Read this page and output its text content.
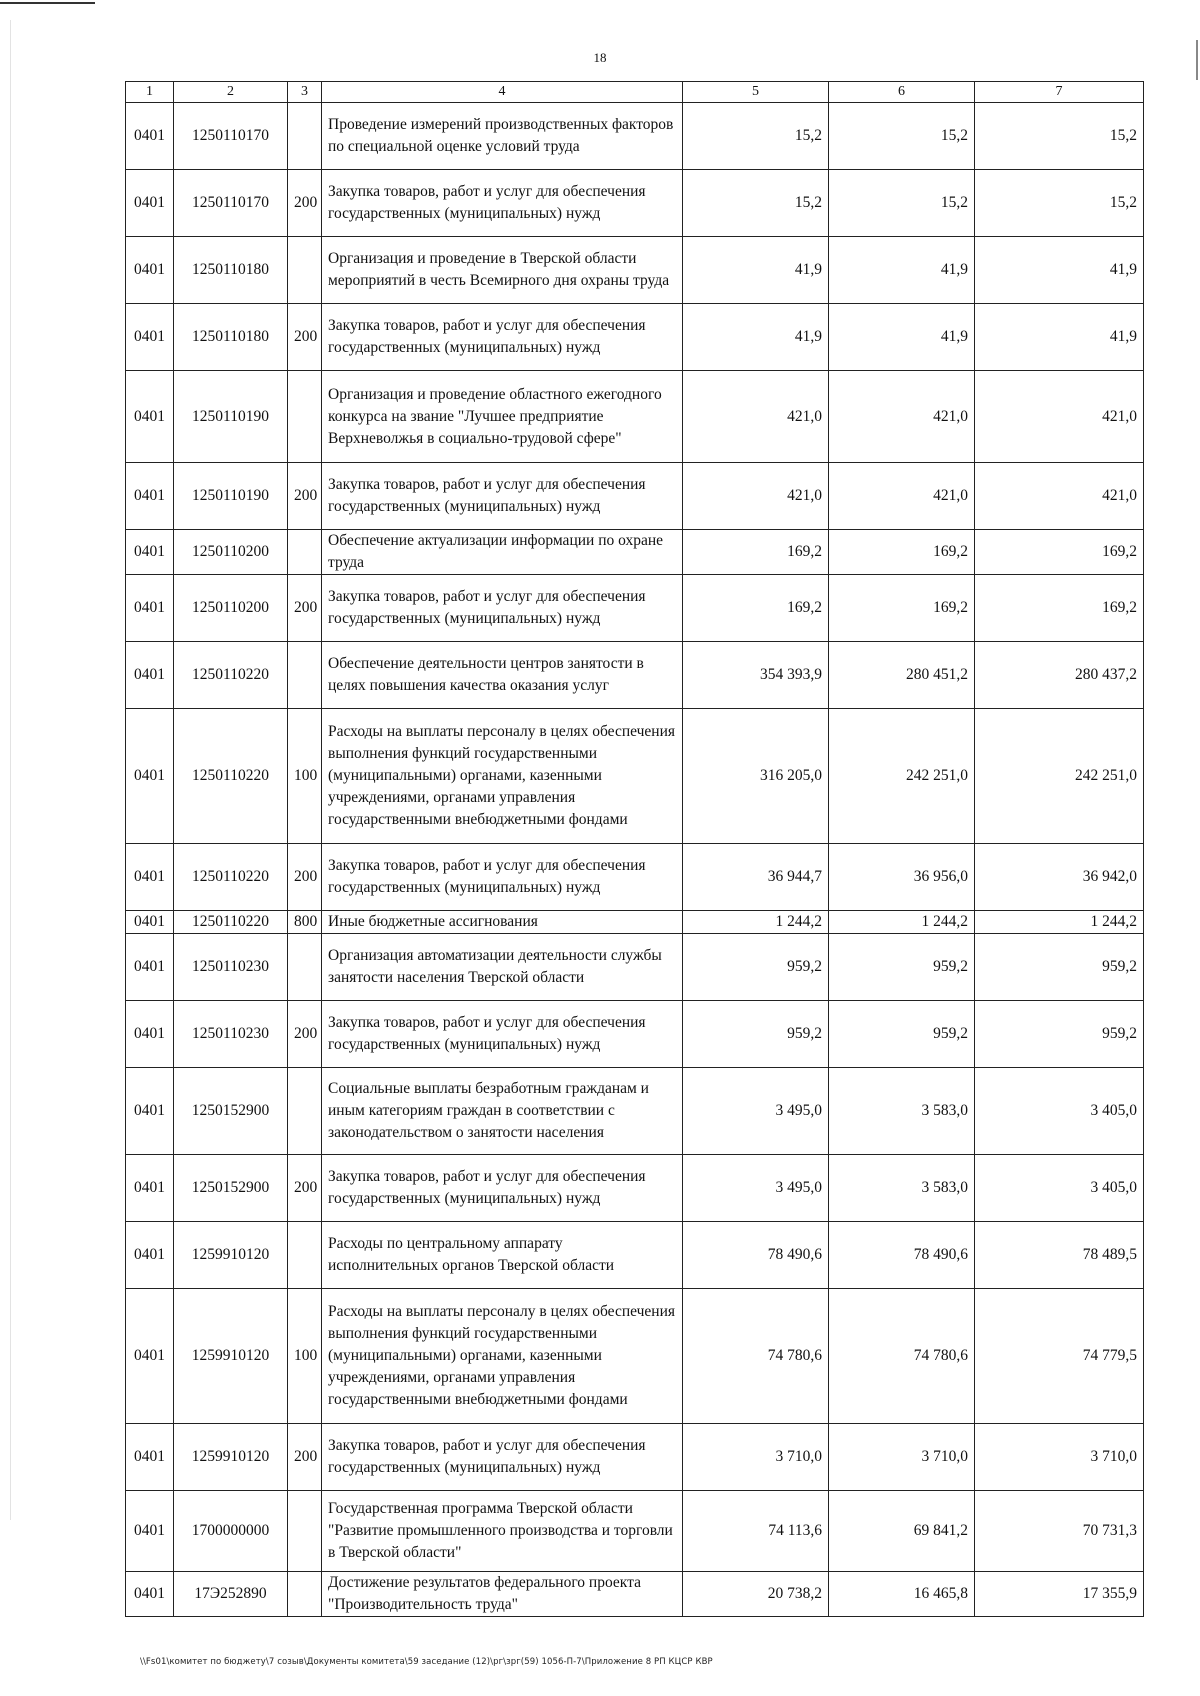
18
1	2	3	4	5	6	7
0401	1250110170		Проведение измерений производственных факторов по специальной оценке условий труда	15,2	15,2	15,2
0401	1250110170	200	Закупка товаров, работ и услуг для обеспечения государственных (муниципальных) нужд	15,2	15,2	15,2
0401	1250110180		Организация и проведение в Тверской области мероприятий в честь Всемирного дня охраны труда	41,9	41,9	41,9
0401	1250110180	200	Закупка товаров, работ и услуг для обеспечения государственных (муниципальных) нужд	41,9	41,9	41,9
0401	1250110190		Организация и проведение областного ежегодного конкурса на звание "Лучшее предприятие Верхневолжья в социально-трудовой сфере"	421,0	421,0	421,0
0401	1250110190	200	Закупка товаров, работ и услуг для обеспечения государственных (муниципальных) нужд	421,0	421,0	421,0
0401	1250110200		Обеспечение актуализации информации по охране труда	169,2	169,2	169,2
0401	1250110200	200	Закупка товаров, работ и услуг для обеспечения государственных (муниципальных) нужд	169,2	169,2	169,2
0401	1250110220		Обеспечение деятельности центров занятости в целях повышения качества оказания услуг	354 393,9	280 451,2	280 437,2
0401	1250110220	100	Расходы на выплаты персоналу в целях обеспечения выполнения функций государственными (муниципальными) органами, казенными учреждениями, органами управления государственными внебюджетными фондами	316 205,0	242 251,0	242 251,0
0401	1250110220	200	Закупка товаров, работ и услуг для обеспечения государственных (муниципальных) нужд	36 944,7	36 956,0	36 942,0
0401	1250110220	800	Иные бюджетные ассигнования	1 244,2	1 244,2	1 244,2
0401	1250110230		Организация автоматизации деятельности службы занятости населения Тверской области	959,2	959,2	959,2
0401	1250110230	200	Закупка товаров, работ и услуг для обеспечения государственных (муниципальных) нужд	959,2	959,2	959,2
0401	1250152900		Социальные выплаты безработным гражданам и иным категориям граждан в соответствии с законодательством о занятости населения	3 495,0	3 583,0	3 405,0
0401	1250152900	200	Закупка товаров, работ и услуг для обеспечения государственных (муниципальных) нужд	3 495,0	3 583,0	3 405,0
0401	1259910120		Расходы по центральному аппарату исполнительных органов Тверской области	78 490,6	78 490,6	78 489,5
0401	1259910120	100	Расходы на выплаты персоналу в целях обеспечения выполнения функций государственными (муниципальными) органами, казенными учреждениями, органами управления государственными внебюджетными фондами	74 780,6	74 780,6	74 779,5
0401	1259910120	200	Закупка товаров, работ и услуг для обеспечения государственных (муниципальных) нужд	3 710,0	3 710,0	3 710,0
0401	1700000000		Государственная программа Тверской области "Развитие промышленного производства и торговли в Тверской области"	74 113,6	69 841,2	70 731,3
0401	17Э252890		Достижение результатов федерального проекта "Производительность труда"	20 738,2	16 465,8	17 355,9
\\Fs01\комитет по бюджету\7 созыв\Документы комитета\59 заседание (12)\рг\зрг(59) 1056-П-7\Приложение 8 РП КЦСР КВР
